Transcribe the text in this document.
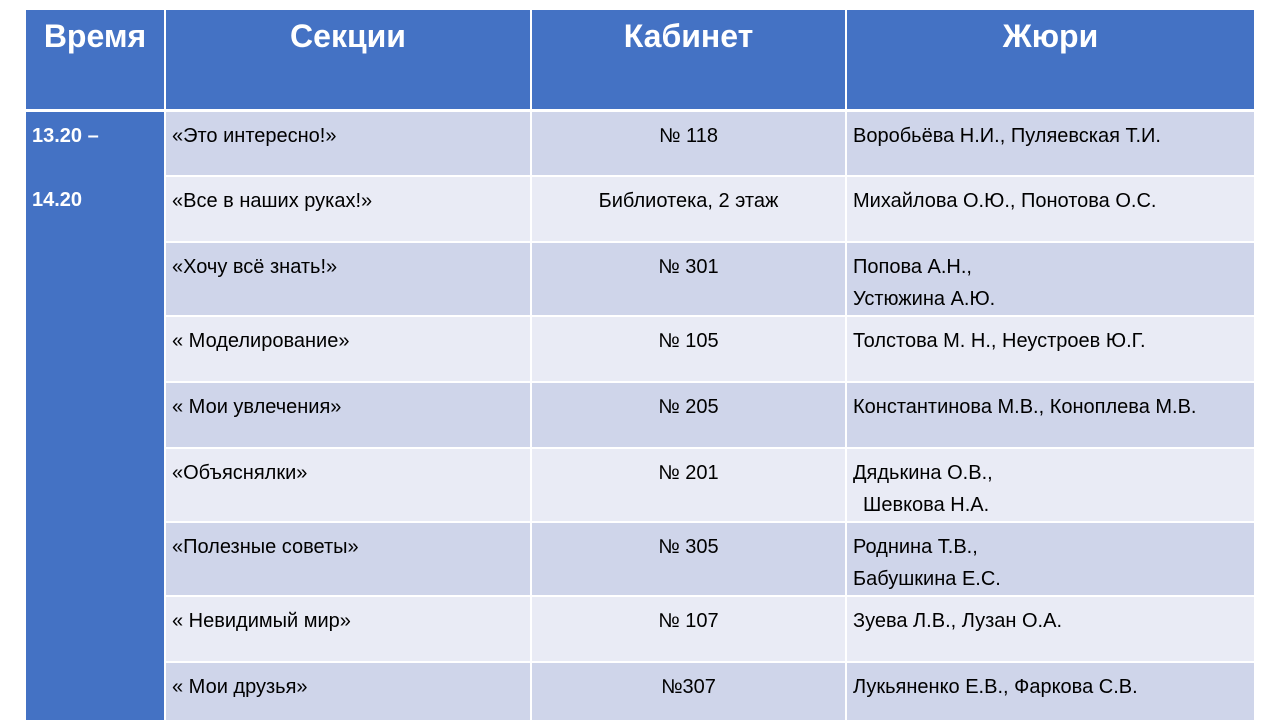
Время	Секции	Кабинет	Жюри
13.20 –
14.20	«Это интересно!»	№ 118	Воробьёва Н.И., Пуляевская Т.И.

	«Все в наших руках!»	Библиотека, 2 этаж	Михайлова О.Ю., Понотова О.С.

	«Хочу всё знать!»	№ 301	Попова А.Н.,
Устюжина А.Ю.

	« Моделирование»	№ 105	Толстова М. Н., Неустроев Ю.Г.

	« Мои увлечения»	№ 205	Константинова М.В., Коноплева М.В.

	«Объяснялки»	№ 201	Дядькина О.В.,
Шевкова Н.А.

	«Полезные советы»	№ 305	Роднина Т.В.,
Бабушкина Е.С.

	« Невидимый мир»	№ 107	Зуева Л.В., Лузан О.А.

	« Мои друзья»	№307	Лукьяненко Е.В., Фаркова С.В.
